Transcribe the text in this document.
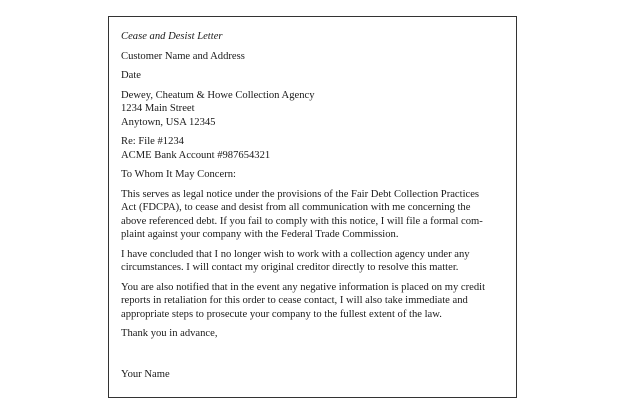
Cease and Desist Letter

Customer Name and Address

Date

Dewey, Cheatum & Howe Collection Agency
1234 Main Street
Anytown, USA 12345

Re: File #1234
ACME Bank Account #987654321

To Whom It May Concern:

This serves as legal notice under the provisions of the Fair Debt Collection Practices
Act (FDCPA), to cease and desist from all communication with me concerning the
above referenced debt. If you fail to comply with this notice, I will file a formal com-
plaint against your company with the Federal Trade Commission.

I have concluded that I no longer wish to work with a collection agency under any
circumstances. I will contact my original creditor directly to resolve this matter.

You are also notified that in the event any negative information is placed on my credit
reports in retaliation for this order to cease contact, I will also take immediate and
appropriate steps to prosecute your company to the fullest extent of the law.

Thank you in advance,

Your Name
